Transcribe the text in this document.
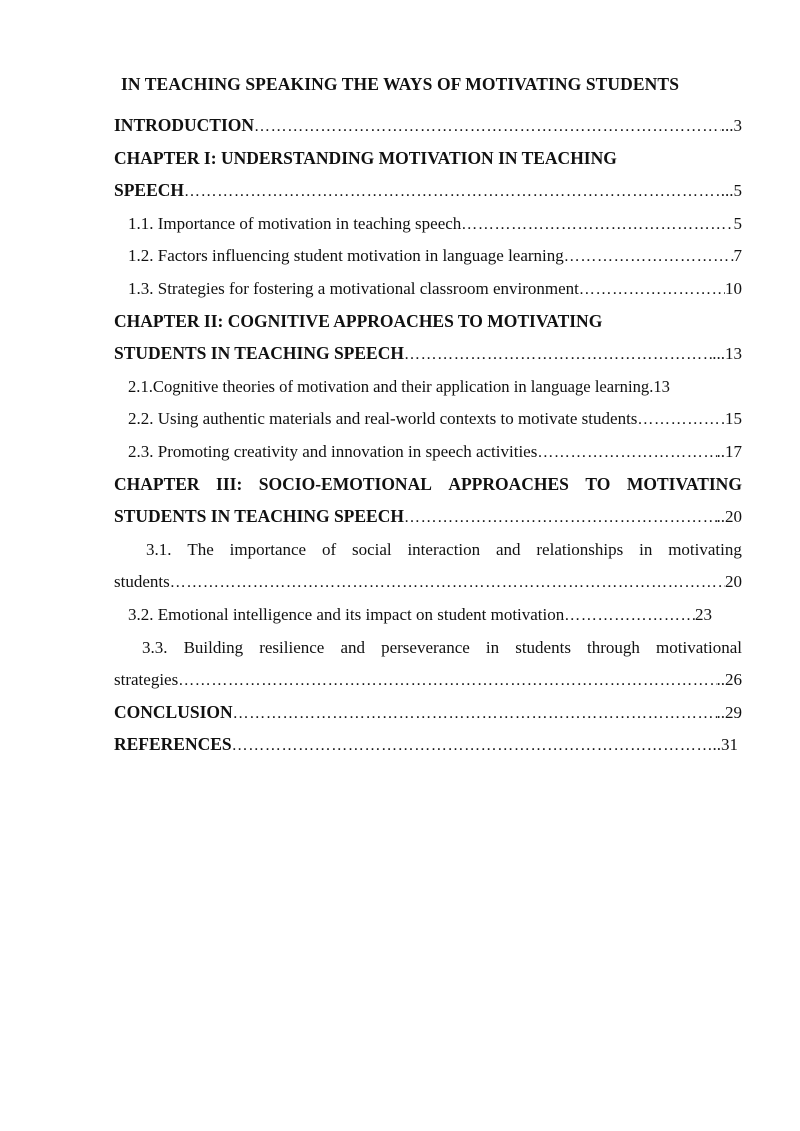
IN TEACHING SPEAKING THE WAYS OF MOTIVATING STUDENTS
INTRODUCTION …………………………………………………………………………………………………………………………………………………………………………	...3
CHAPTER I: UNDERSTANDING MOTIVATION IN TEACHING
SPEECH …………………………………………………………………………………………………………………………………………………………………………	...5
1.1. Importance of motivation in teaching speech …………………………………………………………………………………………………………………………………………………………………………	5
1.2. Factors influencing student motivation in language learning …………………………………………………………………………………………………………………………………………………………………………	7
1.3. Strategies for fostering a motivational classroom environment …………………………………………………………………………………………………………………………………………………………………………	10
CHAPTER II: COGNITIVE APPROACHES TO MOTIVATING
STUDENTS IN TEACHING SPEECH …………………………………………………………………………………………………………………………………………………………………………	...13
2.1.Cognitive theories of motivation and their application in language learning.13
2.2. Using authentic materials and real-world contexts to motivate students …………………………………………………………………………………………………………………………………………………………………………	15
2.3. Promoting creativity and innovation in speech activities …………………………………………………………………………………………………………………………………………………………………………	..17
CHAPTER III: SOCIO-EMOTIONAL APPROACHES TO MOTIVATING
STUDENTS IN TEACHING SPEECH …………………………………………………………………………………………………………………………………………………………………………	..20
3.1. The importance of social interaction and relationships in motivating
students …………………………………………………………………………………………………………………………………………………………………………	20
3.2. Emotional intelligence and its impact on student motivation …………………………………………………………………………………………………………………………………………………………………………	23
3.3. Building resilience and perseverance in students through motivational
strategies …………………………………………………………………………………………………………………………………………………………………………	..26
CONCLUSION …………………………………………………………………………………………………………………………………………………………………………	..29
REFERENCES …………………………………………………………………………………………………………………………………………………………………………	..31
